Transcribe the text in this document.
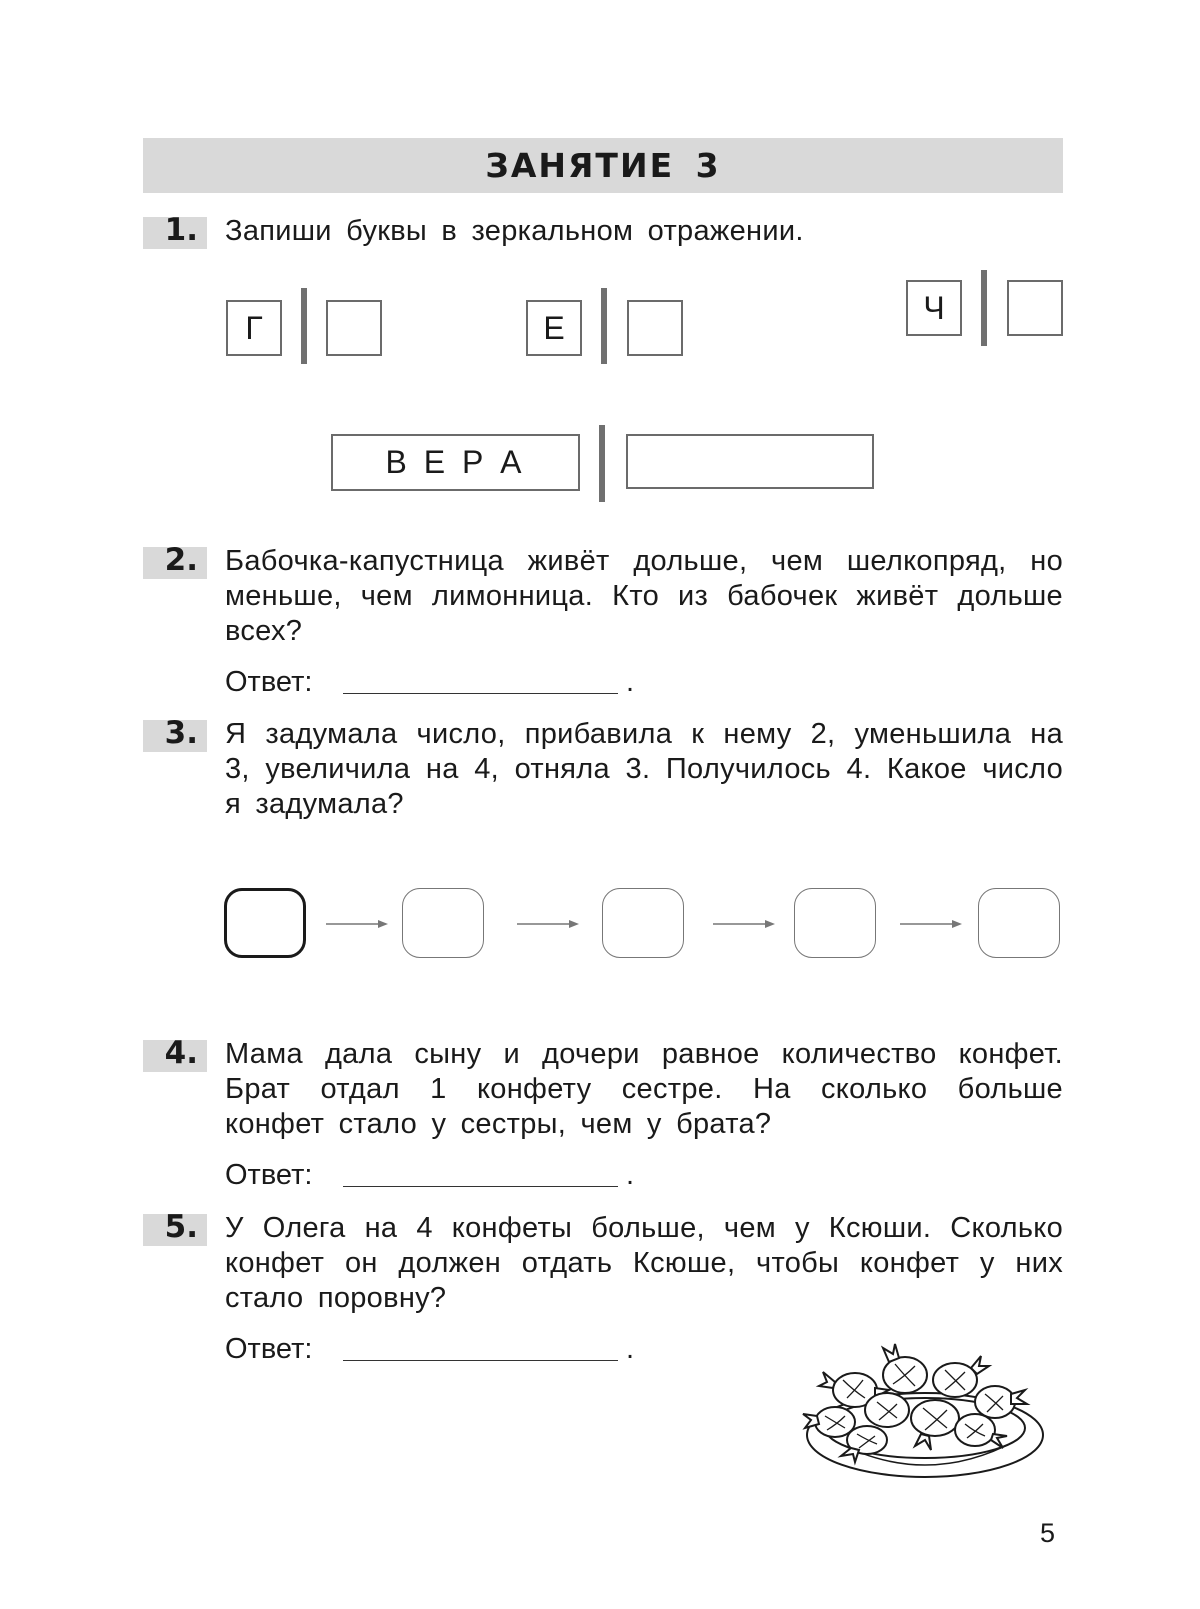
ЗАНЯТИЕ 3
1. Запиши буквы в зеркальном отражении.

Г	Е
Ч
В Е Р А
2. Бабочка-капустница живёт дольше, чем шелкопряд, но меньше, чем лимонница. Кто из бабочек живёт дольше всех?

Ответ:	.
3. Я задумала число, прибавила к нему 2, уменьшила на 3, увеличила на 4, отняла 3. Получилось 4. Какое число я задумала?

4. Мама дала сыну и дочери равное количество конфет. Брат отдал 1 конфету сестре. На сколько больше конфет стало у сестры, чем у брата?

Ответ:	.
5. У Олега на 4 конфеты больше, чем у Ксюши. Сколько конфет он должен отдать Ксюше, чтобы конфет у них стало поровну?

Ответ:	.
5
